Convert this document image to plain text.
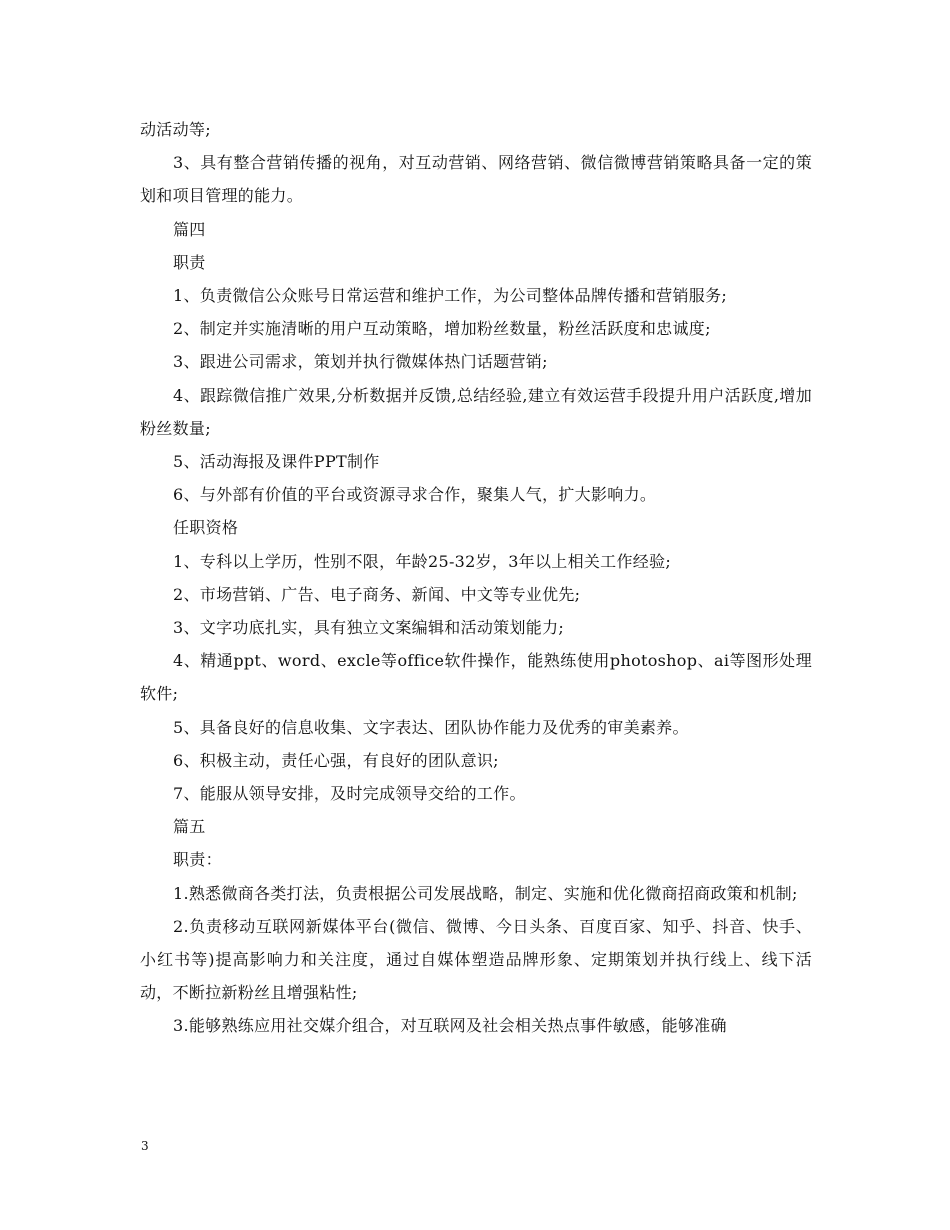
动活动等;

3、具有整合营销传播的视角，对互动营销、网络营销、微信微博营销策略具备一定的策划和项目管理的能力。

篇四

职责

1、负责微信公众账号日常运营和维护工作，为公司整体品牌传播和营销服务;

2、制定并实施清晰的用户互动策略，增加粉丝数量，粉丝活跃度和忠诚度;

3、跟进公司需求，策划并执行微媒体热门话题营销;

4、跟踪微信推广效果,分析数据并反馈,总结经验,建立有效运营手段提升用户活跃度,增加粉丝数量;

5、活动海报及课件PPT制作

6、与外部有价值的平台或资源寻求合作，聚集人气，扩大影响力。

任职资格

1、专科以上学历，性别不限，年龄25-32岁，3年以上相关工作经验;

2、市场营销、广告、电子商务、新闻、中文等专业优先;

3、文字功底扎实，具有独立文案编辑和活动策划能力;

4、精通ppt、word、excle等office软件操作，能熟练使用photoshop、ai等图形处理软件;

5、具备良好的信息收集、文字表达、团队协作能力及优秀的审美素养。

6、积极主动，责任心强，有良好的团队意识;

7、能服从领导安排，及时完成领导交给的工作。

篇五

职责：

1.熟悉微商各类打法，负责根据公司发展战略，制定、实施和优化微商招商政策和机制;

2.负责移动互联网新媒体平台(微信、微博、今日头条、百度百家、知乎、抖音、快手、小红书等)提高影响力和关注度，通过自媒体塑造品牌形象、定期策划并执行线上、线下活动，不断拉新粉丝且增强粘性;

3.能够熟练应用社交媒介组合，对互联网及社会相关热点事件敏感，能够准确

3
